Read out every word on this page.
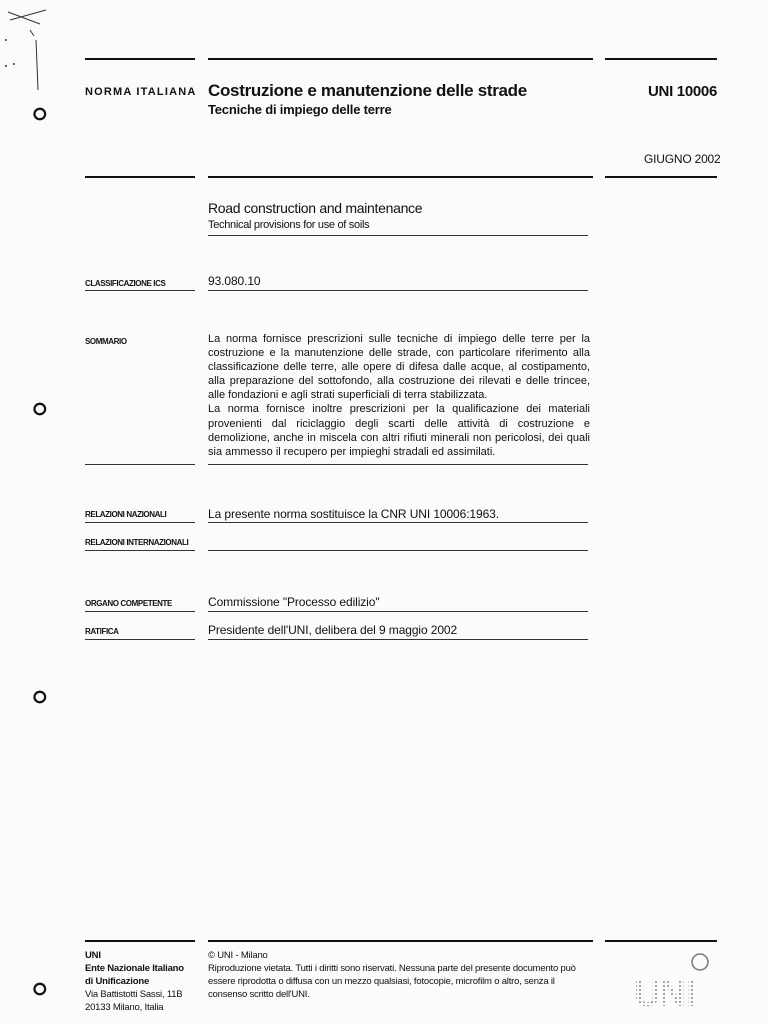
⭘
⭘
⭘
⭘
NORMA ITALIANA Costruzione e manutenzione delle strade
Tecniche di impiego delle terre
UNI 10006
GIUGNO 2002
Road construction and maintenance
Technical provisions for use of soils
CLASSIFICAZIONE ICS	93.080.10
SOMMARIO	La norma fornisce prescrizioni sulle tecniche di impiego delle terre per la costruzione e la manutenzione delle strade, con particolare riferimento alla classificazione delle terre, alle opere di difesa dalle acque, al costipamento, alla preparazione del sottofondo, alla costruzione dei rilevati e delle trincee, alle fondazioni e agli strati superficiali di terra stabilizzata.

La norma fornisce inoltre prescrizioni per la qualificazione dei materiali provenienti dal riciclaggio degli scarti delle attività di costruzione e demolizione, anche in miscela con altri rifiuti minerali non pericolosi, dei quali sia ammesso il recupero per impieghi stradali ed assimilati.

RELAZIONI NAZIONALI	La presente norma sostituisce la CNR UNI 10006:1963.
RELAZIONI INTERNAZIONALI
ORGANO COMPETENTE	Commissione "Processo edilizio"
RATIFICA	Presidente dell'UNI, delibera del 9 maggio 2002
UNI
Ente Nazionale Italiano
di Unificazione
Via Battistotti Sassi, 11B
20133 Milano, Italia
© UNI - Milano
Riproduzione vietata. Tutti i diritti sono riservati. Nessuna parte del presente documento può essere riprodotta o diffusa con un mezzo qualsiasi, fotocopie, microfilm o altro, senza il consenso scritto dell'UNI.	UNI
